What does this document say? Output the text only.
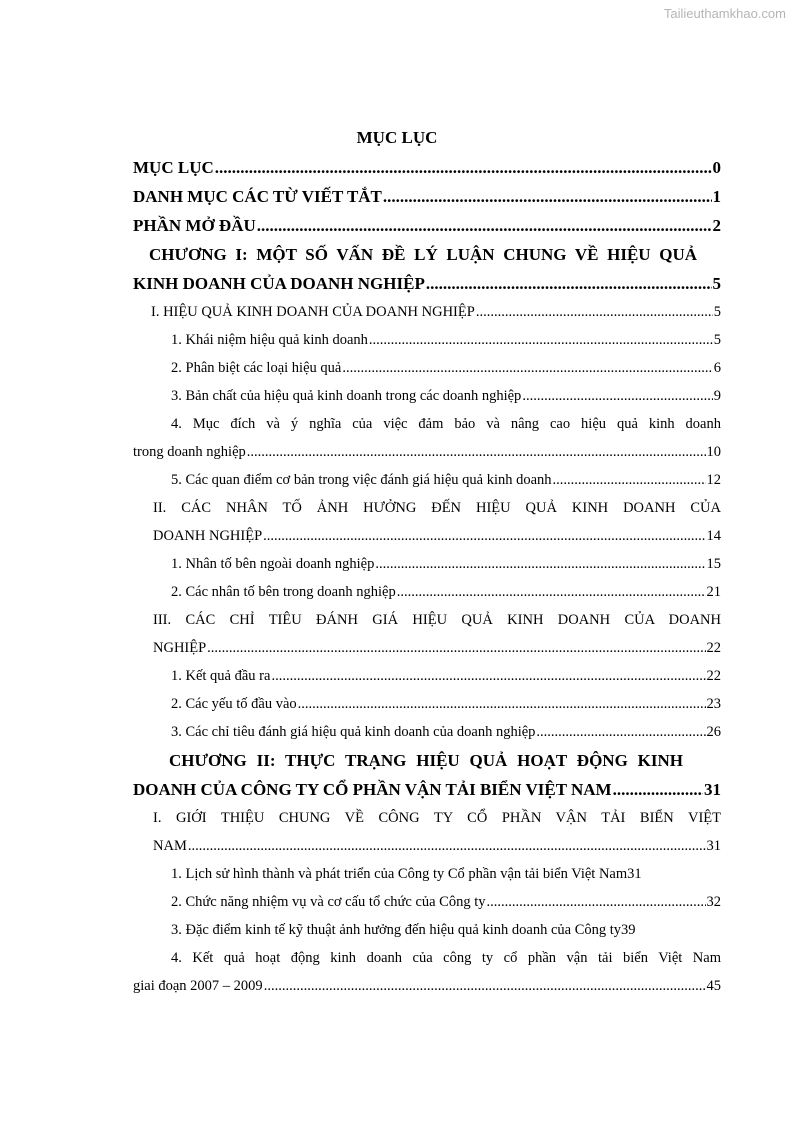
Tailieuthamkhao.com
MỤC LỤC
MỤC LỤC .....	0
DANH MỤC CÁC TỪ VIẾT TẮT .....	1
PHẦN MỞ ĐẦU .....	2
CHƯƠNG I: MỘT SỐ VẤN ĐỀ LÝ LUẬN CHUNG VỀ HIỆU QUẢ
KINH DOANH CỦA DOANH NGHIỆP .....	5
I. HIỆU QUẢ KINH DOANH CỦA DOANH NGHIỆP .....	5
1. Khái niệm hiệu quả kinh doanh .....	5
2. Phân biệt các loại hiệu quả .....	6
3. Bản chất của hiệu quả kinh doanh trong các doanh nghiệp .....	9
4. Mục đích và ý nghĩa của việc đảm bảo và nâng cao hiệu quả kinh doanh
trong doanh nghiệp .....	10
5. Các quan điểm cơ bản trong việc đánh giá hiệu quả kinh doanh .....	12
II. CÁC NHÂN TỐ ẢNH HƯỞNG ĐẾN HIỆU QUẢ KINH DOANH CỦA
DOANH NGHIỆP .....	14
1. Nhân tố bên ngoài doanh nghiệp .....	15
2. Các nhân tố bên trong doanh nghiệp .....	21
III. CÁC CHỈ TIÊU ĐÁNH GIÁ HIỆU QUẢ KINH DOANH CỦA DOANH
NGHIỆP .....	22
1. Kết quả đầu ra .....	22
2. Các yếu tố đầu vào .....	23
3. Các chỉ tiêu đánh giá hiệu quả kinh doanh của doanh nghiệp .....	26
CHƯƠNG II: THỰC TRẠNG HIỆU QUẢ HOẠT ĐỘNG KINH
DOANH CỦA CÔNG TY CỔ PHẦN VẬN TẢI BIỂN VIỆT NAM .....	31
I. GIỚI THIỆU CHUNG VỀ CÔNG TY CỔ PHẦN VẬN TẢI BIỂN VIỆT
NAM .....	31
1. Lịch sử hình thành và phát triển của Công ty Cổ phần vận tải biển Việt Nam31
2. Chức năng nhiệm vụ và cơ cấu tổ chức của Công ty .....	32
3. Đặc điểm kinh tế kỹ thuật ảnh hưởng đến hiệu quả kinh doanh của Công ty39
4. Kết quả hoạt động kinh doanh của công ty cổ phần vận tải biển Việt Nam
giai đoạn 2007 – 2009 .....	45
